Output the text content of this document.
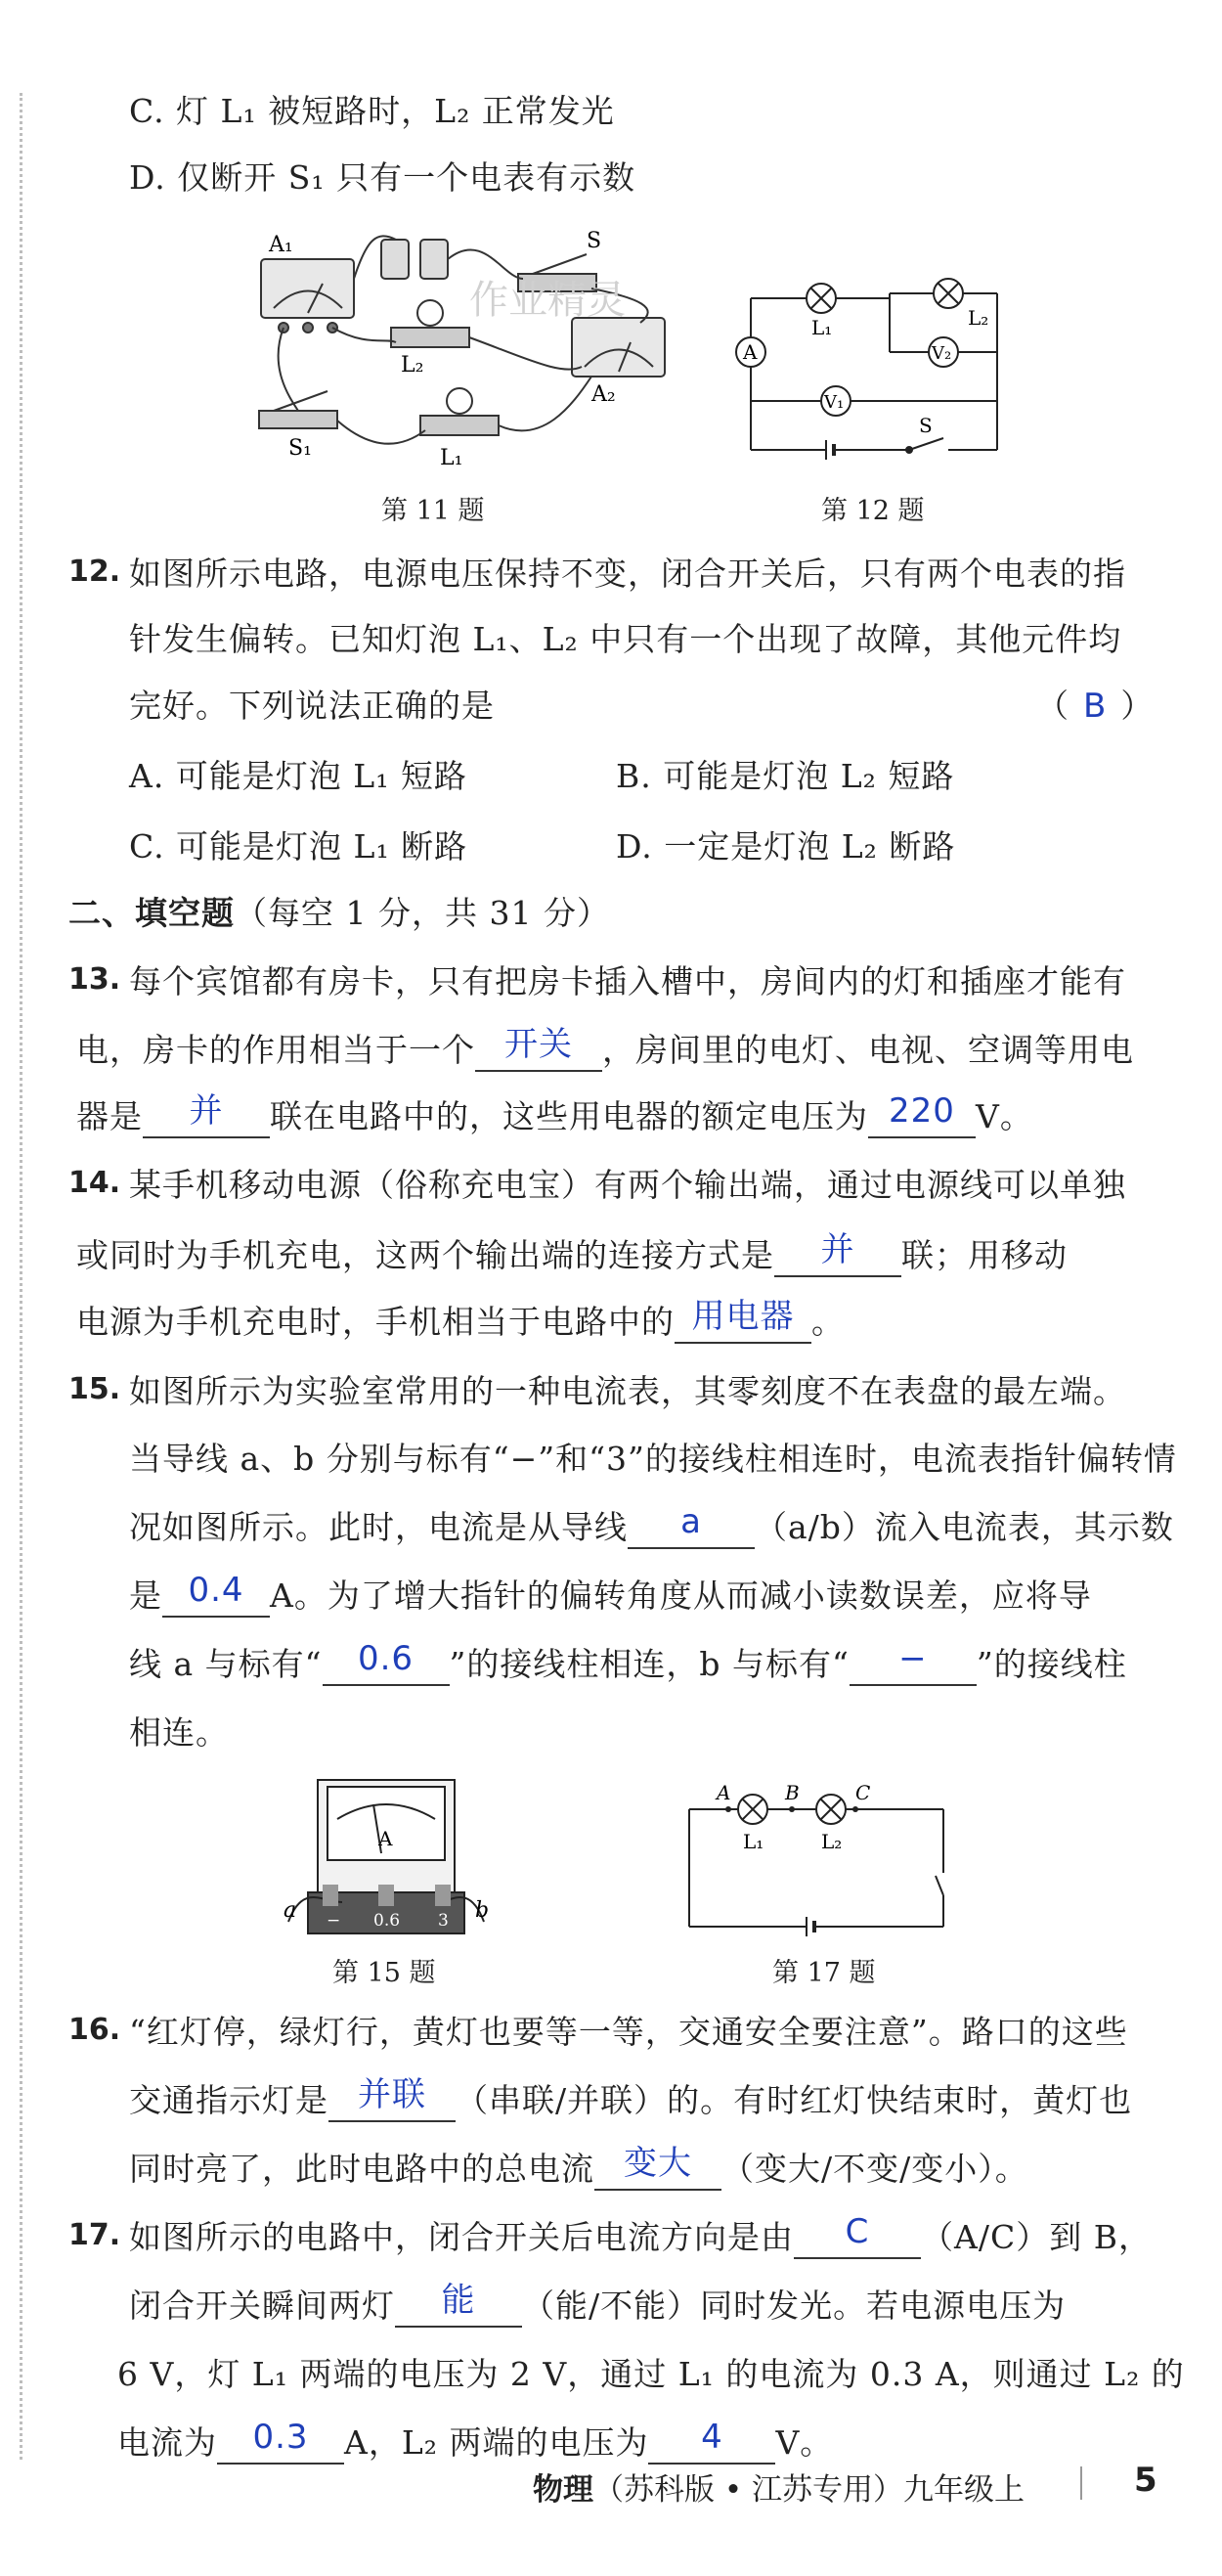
C. 灯 L₁ 被短路时，L₂ 正常发光
D. 仅断开 S₁ 只有一个电表有示数
A₁	S
L₂
A₂
S₁	L₁
作业精灵
第 11 题
A
L₁	L₂
V₂
V₁
S
第 12 题
12. 如图所示电路，电源电压保持不变，闭合开关后，只有两个电表的指
针发生偏转。已知灯泡 L₁、L₂ 中只有一个出现了故障，其他元件均
完好。下列说法正确的是	（ B ）
A. 可能是灯泡 L₁ 短路	B. 可能是灯泡 L₂ 短路
C. 可能是灯泡 L₁ 断路	D. 一定是灯泡 L₂ 断路
二、填空题（每空 1 分，共 31 分）
13. 每个宾馆都有房卡，只有把房卡插入槽中，房间内的灯和插座才能有
电，房卡的作用相当于一个 开关 ，房间里的电灯、电视、空调等用电
器是	并	联在电路中的，这些用电器的额定电压为 220 V。
14. 某手机移动电源（俗称充电宝）有两个输出端，通过电源线可以单独
或同时为手机充电，这两个输出端的连接方式是	并	联；用移动
电源为手机充电时，手机相当于电路中的 用电器 。
15. 如图所示为实验室常用的一种电流表，其零刻度不在表盘的最左端。
当导线 a、b 分别与标有“−”和“3”的接线柱相连时，电流表指针偏转情
况如图所示。此时，电流是从导线	a	（a/b）流入电流表，其示数
是 0.4 A。为了增大指针的偏转角度从而减小读数误差，应将导
线 a 与标有“	0.6	”的接线柱相连，b 与标有“	−	”的接线柱
相连。
A
− 0.6 3
a	b
第 15 题
A	B	C
L₁	L₂
第 17 题
16. “红灯停，绿灯行，黄灯也要等一等，交通安全要注意”。路口的这些
交通指示灯是 并联 （串联/并联）的。有时红灯快结束时，黄灯也
同时亮了，此时电路中的总电流 变大 （变大/不变/变小）。
17. 如图所示的电路中，闭合开关后电流方向是由	C	（A/C）到 B，
闭合开关瞬间两灯	能	（能/不能）同时发光。若电源电压为
6 V，灯 L₁ 两端的电压为 2 V，通过 L₁ 的电流为 0.3 A，则通过 L₂ 的
电流为	0.3	A，L₂ 两端的电压为	4	V。
物理（苏科版 • 江苏专用）九年级上	5
